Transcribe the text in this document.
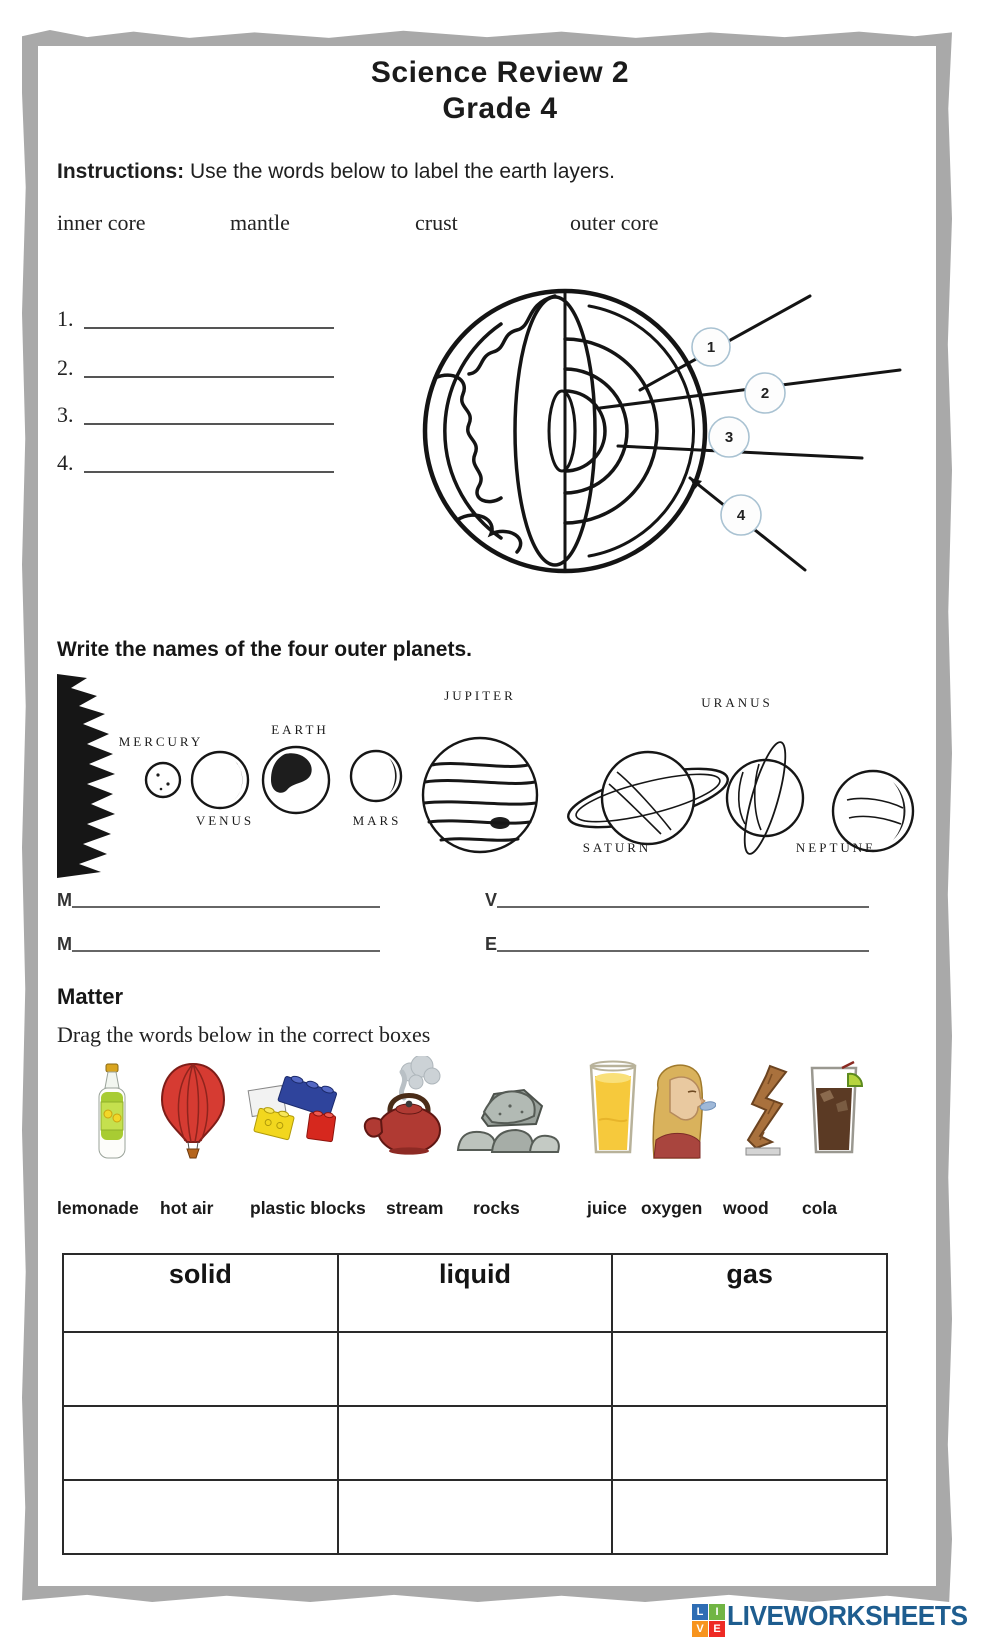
Science Review 2
Grade 4
Instructions: Use the words below to label the earth layers.
inner core	mantle	crust	outer core
1.
2.
3.
4.
1
2
3
4
Write the names of the four outer planets.
MERCURY
VENUS
EARTH
MARS
JUPITER
SATURN
URANUS
NEPTUNE
M	V
M	E
Matter
Drag the words below in the correct boxes
lemonade hot air plastic blocks stream rocks	juice oxygen wood cola
solid	liquid	gas

L	I
V E LIVEWORKSHEETS
